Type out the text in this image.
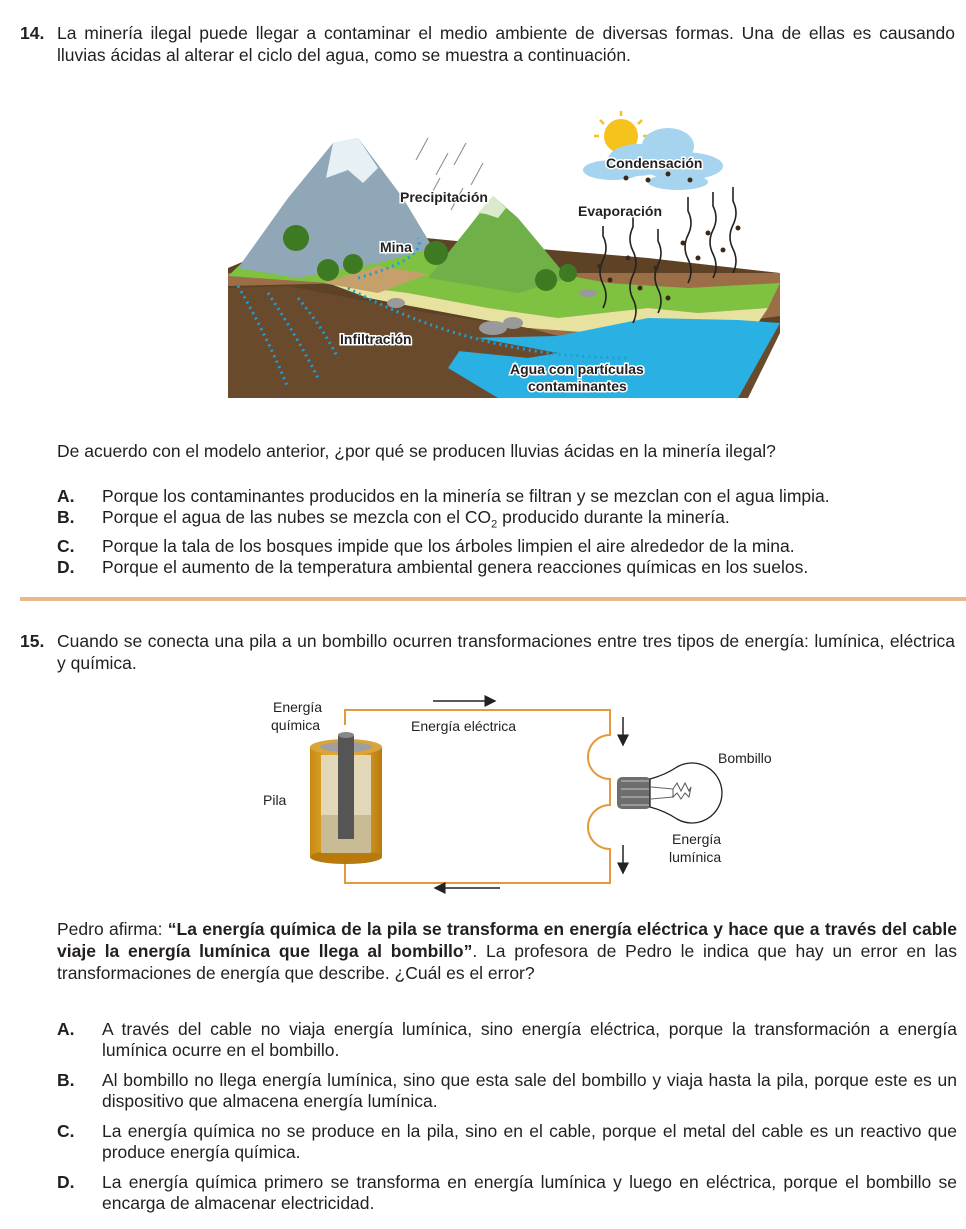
14. La minería ilegal puede llegar a contaminar el medio ambiente de diversas formas. Una de ellas es causando lluvias ácidas al alterar el ciclo del agua, como se muestra a continuación.
Condensación
Precipitación
Evaporación
Mina
Infiltración
Agua con partículas
contaminantes
De acuerdo con el modelo anterior, ¿por qué se producen lluvias ácidas en la minería ilegal?
A. Porque los contaminantes producidos en la minería se filtran y se mezclan con el agua limpia.
B. Porque el agua de las nubes se mezcla con el $CO_2$ producido durante la minería.
C. Porque la tala de los bosques impide que los árboles limpien el aire alrededor de la mina.
D. Porque el aumento de la temperatura ambiental genera reacciones químicas en los suelos.
15. Cuando se conecta una pila a un bombillo ocurren transformaciones entre tres tipos de energía: lumínica, eléctrica y química.
Energía
química	Energía eléctrica
Bombillo
Pila
Energía
lumínica
Pedro afirma: “La energía química de la pila se transforma en energía eléctrica y hace que a través del cable viaje la energía lumínica que llega al bombillo”. La profesora de Pedro le indica que hay un error en las transformaciones de energía que describe. ¿Cuál es el error?
A. A través del cable no viaja energía lumínica, sino energía eléctrica, porque la transformación a energía lumínica ocurre en el bombillo.
B. Al bombillo no llega energía lumínica, sino que esta sale del bombillo y viaja hasta la pila, porque este es un dispositivo que almacena energía lumínica.
C. La energía química no se produce en la pila, sino en el cable, porque el metal del cable es un reactivo que produce energía química.
D. La energía química primero se transforma en energía lumínica y luego en eléctrica, porque el bombillo se encarga de almacenar electricidad.
